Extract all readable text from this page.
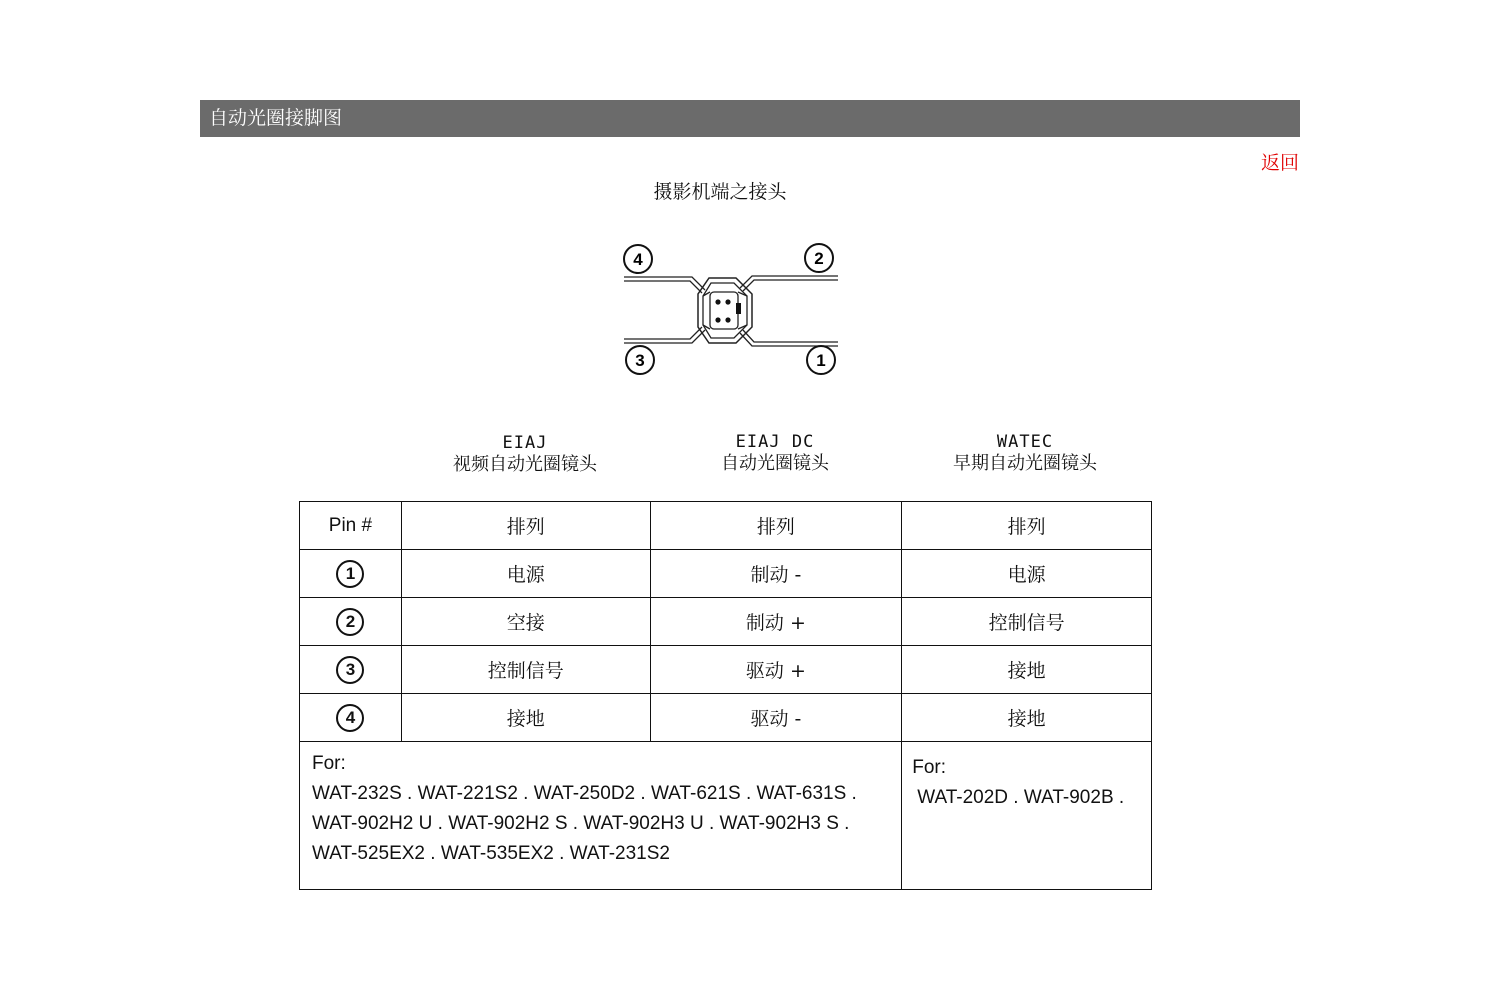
自动光圈接脚图
返回
摄影机端之接头
4	2
3	1
EIAJ
视频自动光圈镜头
EIAJ DC
自动光圈镜头
WATEC
早期自动光圈镜头
Pin #	排列	排列	排列
1	电源	制动 -	电源
2	空接	制动 +	控制信号
3	控制信号	驱动 +	接地
4	接地	驱动 -	接地

For:
WAT-232S . WAT-221S2 . WAT-250D2 . WAT-621S . WAT-631S .
WAT-902H2 U . WAT-902H2 S . WAT-902H3 U . WAT-902H3 S .
WAT-525EX2 . WAT-535EX2 . WAT-231S2			For:
WAT-202D . WAT-902B .
